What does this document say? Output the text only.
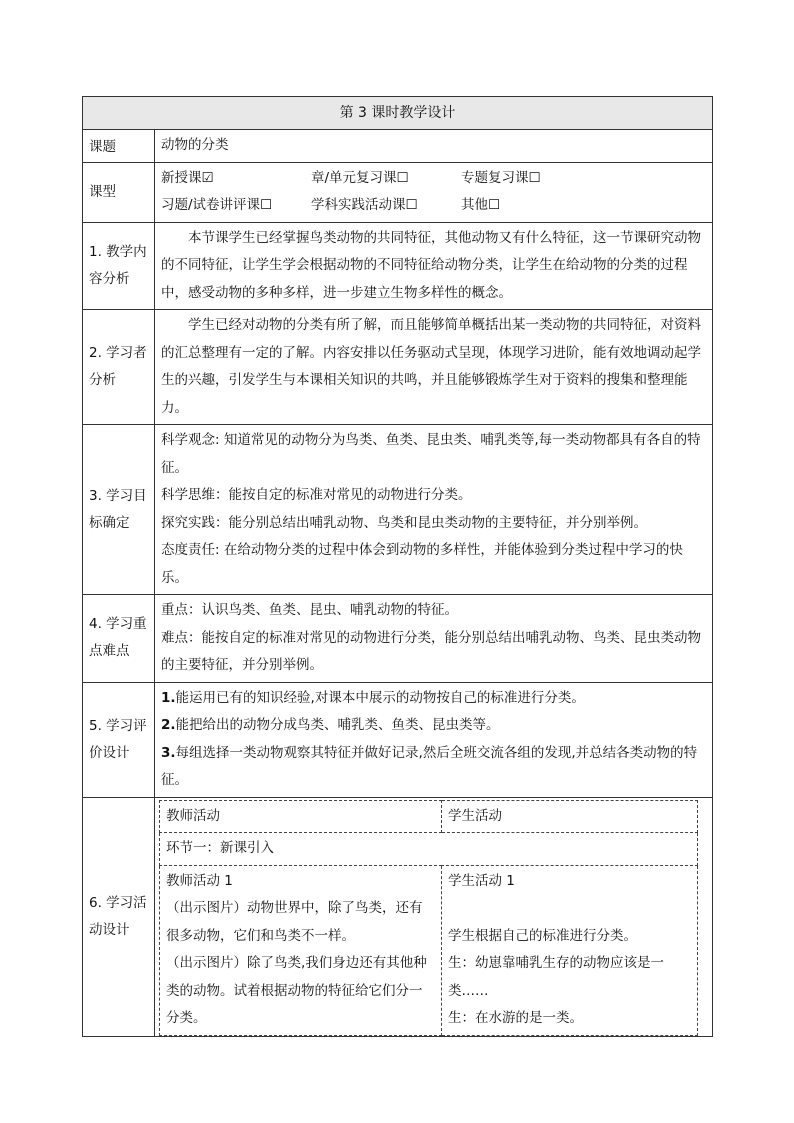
第 3 课时教学设计
课题	动物的分类
课型	
新授课☑	章/单元复习课☐	专题复习课☐
习题/试卷讲评课☐	学科实践活动课☐	其他☐

1. 教学内容分析	

本节课学生已经掌握鸟类动物的共同特征，其他动物又有什么特征，这一节课研究动物的不同特征，让学生学会根据动物的不同特征给动物分类，让学生在给动物的分类的过程中，感受动物的多种多样，进一步建立生物多样性的概念。

2. 学习者分析	

学生已经对动物的分类有所了解，而且能够简单概括出某一类动物的共同特征，对资料的汇总整理有一定的了解。内容安排以任务驱动式呈现，体现学习进阶，能有效地调动起学生的兴趣，引发学生与本课相关知识的共鸣，并且能够锻炼学生对于资料的搜集和整理能力。

3. 学习目标确定	

科学观念: 知道常见的动物分为鸟类、鱼类、昆虫类、哺乳类等,每一类动物都具有各自的特征。

科学思维：能按自定的标准对常见的动物进行分类。

探究实践：能分别总结出哺乳动物、鸟类和昆虫类动物的主要特征，并分别举例。

态度责任: 在给动物分类的过程中体会到动物的多样性，并能体验到分类过程中学习的快乐。

4. 学习重点难点	

重点：认识鸟类、鱼类、昆虫、哺乳动物的特征。

难点：能按自定的标准对常见的动物进行分类，能分别总结出哺乳动物、鸟类、昆虫类动物的主要特征，并分别举例。

5. 学习评价设计	

1.能运用已有的知识经验,对课本中展示的动物按自己的标准进行分类。

2.能把给出的动物分成鸟类、哺乳类、鱼类、昆虫类等。

3.每组选择一类动物观察其特征并做好记录,然后全班交流各组的发现,并总结各类动物的特征。

6. 学习活动设计	
教师活动	学生活动
环节一：新课引入

教师活动 1

（出示图片）动物世界中，除了鸟类，还有很多动物，它们和鸟类不一样。

（出示图片）除了鸟类,我们身边还有其他种类的动物。试着根据动物的特征给它们分一分类。

学生活动 1

学生根据自己的标准进行分类。

生：幼崽靠哺乳生存的动物应该是一类……

生：在水游的是一类。
